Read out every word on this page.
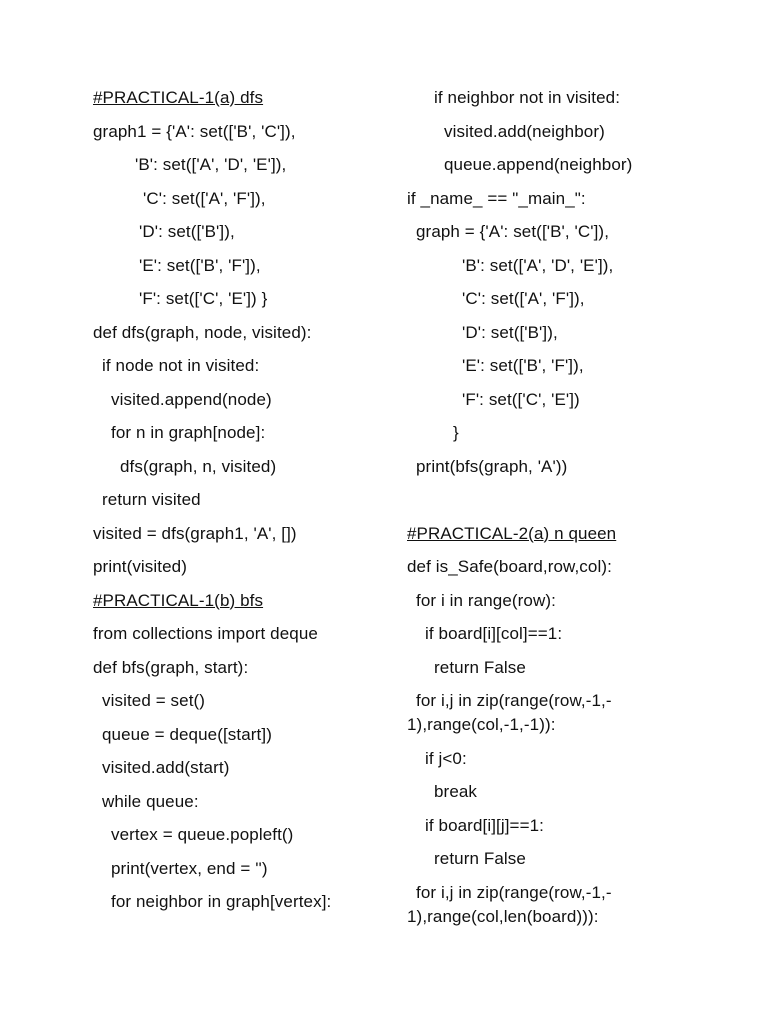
#PRACTICAL-1(a) dfs
graph1 = {'A': set(['B', 'C']),
'B': set(['A', 'D', 'E']),
'C': set(['A', 'F']),
'D': set(['B']),
'E': set(['B', 'F']),
'F': set(['C', 'E']) }
def dfs(graph, node, visited):
if node not in visited:
visited.append(node)
for n in graph[node]:
dfs(graph, n, visited)
return visited
visited = dfs(graph1, 'A', [])
print(visited)
#PRACTICAL-1(b) bfs
from collections import deque
def bfs(graph, start):
visited = set()
queue = deque([start])
visited.add(start)
while queue:
vertex = queue.popleft()
print(vertex, end = '')
for neighbor in graph[vertex]:
if neighbor not in visited:
visited.add(neighbor)
queue.append(neighbor)
if _name_ == "_main_":
graph = {'A': set(['B', 'C']),
'B': set(['A', 'D', 'E']),
'C': set(['A', 'F']),
'D': set(['B']),
'E': set(['B', 'F']),
'F': set(['C', 'E'])
}
print(bfs(graph, 'A'))
#PRACTICAL-2(a) n queen
def is_Safe(board,row,col):
for i in range(row):
if board[i][col]==1:
return False
for i,j in zip(range(row,-1,-
1),range(col,-1,-1)):
if j<0:
break
if board[i][j]==1:
return False
for i,j in zip(range(row,-1,-
1),range(col,len(board))):
